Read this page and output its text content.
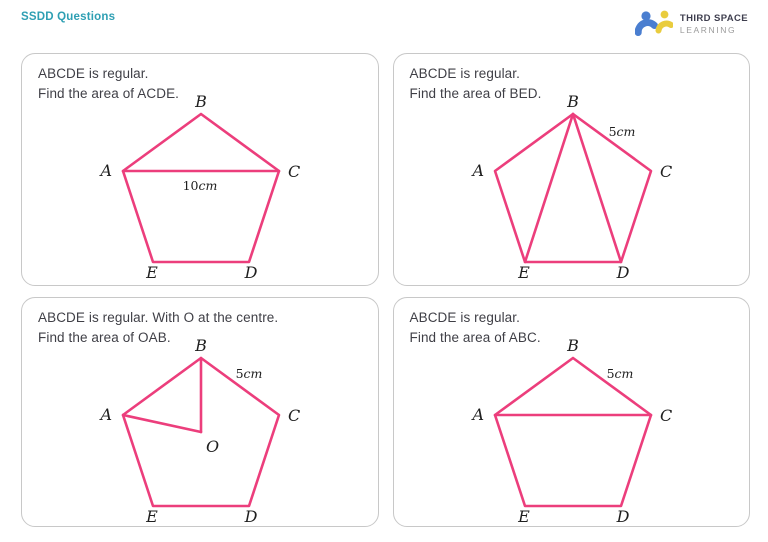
SSDD Questions	THIRD SPACE
LEARNING
ABCDE is regular.
Find the area of ACDE.	B
A	C
E	D
10cm
ABCDE is regular.
Find the area of BED.	B
A	C
E	D
5cm
ABCDE is regular. With O at the centre.
Find the area of OAB.	B
A	C
E	D
O
5cm
ABCDE is regular.
Find the area of ABC.	B
A	C
E	D
5cm
